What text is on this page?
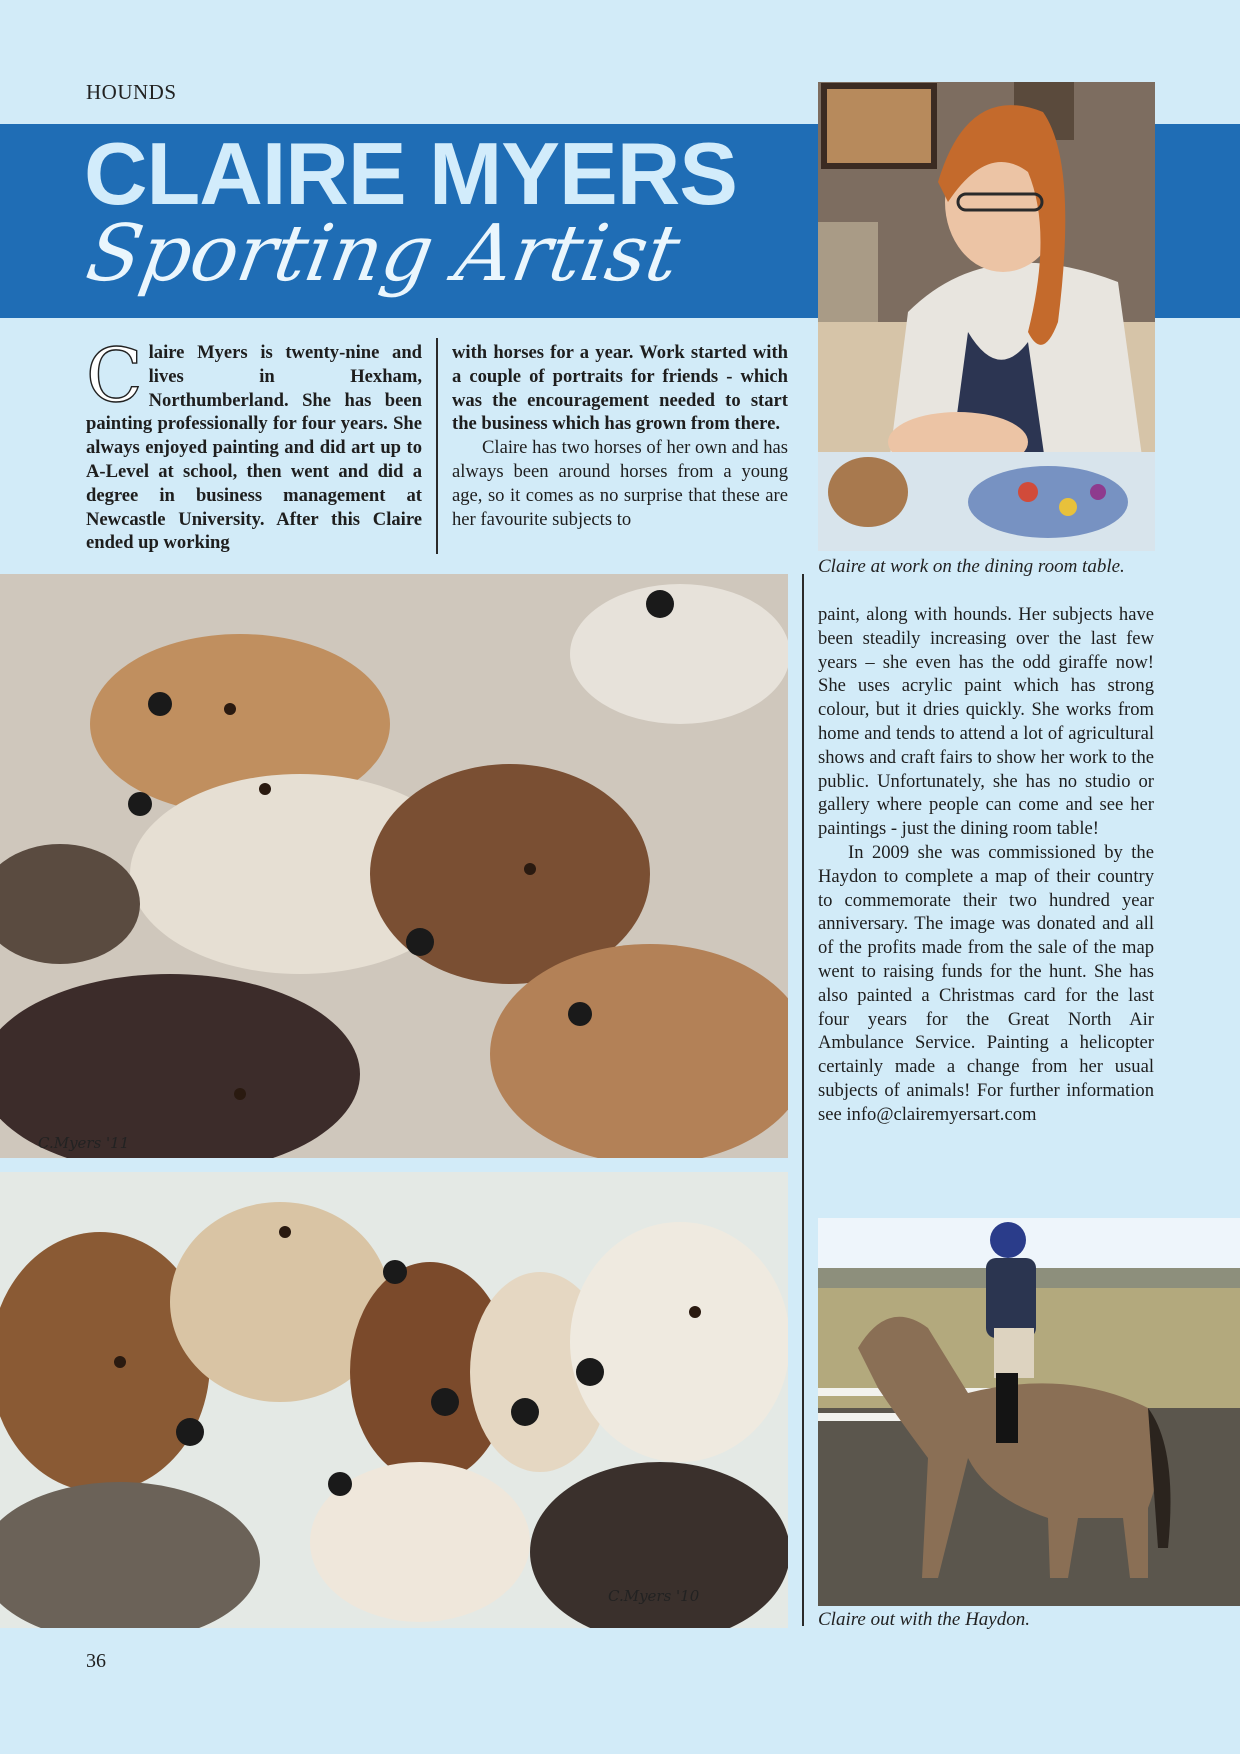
HOUNDS
CLAIRE MYERS
Sporting Artist
Claire at work on the dining room table.
C laire Myers is twenty-nine and lives in Hexham, Northumberland. She has been painting professionally for four years. She always enjoyed painting and did art up to A-Level at school, then went and did a degree in business management at Newcastle University. After this Claire ended up working

with horses for a year. Work started with a couple of portraits for friends - which was the encouragement needed to start the business which has grown from there.

Claire has two horses of her own and has always been around horses from a young age, so it comes as no surprise that these are her favourite subjects to

C.Myers '11
C.Myers '10

paint, along with hounds. Her subjects have been steadily increasing over the last few years – she even has the odd giraffe now! She uses acrylic paint which has strong colour, but it dries quickly. She works from home and tends to attend a lot of agricultural shows and craft fairs to show her work to the public. Unfortunately, she has no studio or gallery where people can come and see her paintings - just the dining room table!

In 2009 she was commissioned by the Haydon to complete a map of their country to commemorate their two hundred year anniversary. The image was donated and all of the profits made from the sale of the map went to raising funds for the hunt. She has also painted a Christmas card for the last four years for the Great North Air Ambulance Service. Painting a helicopter certainly made a change from her usual subjects of animals! For further information see info@clairemyersart.com

Claire out with the Haydon.
36
